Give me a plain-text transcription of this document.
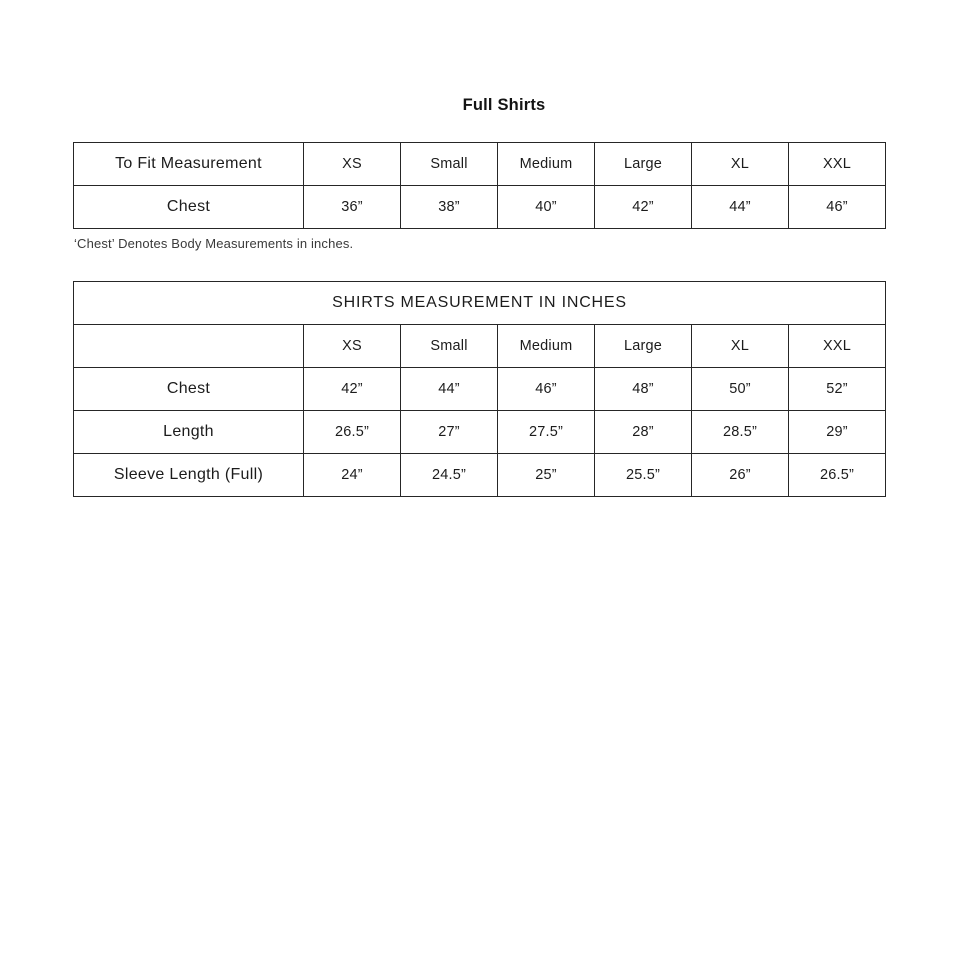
Full Shirts
To Fit Measurement	XS	Small	Medium	Large	XL	XXL
Chest	36”	38”	40”	42”	44”	46”

‘Chest’ Denotes Body Measurements in inches.

SHIRTS MEASUREMENT IN INCHES						
	XS	Small	Medium	Large	XL	XXL
Chest	42”	44”	46”	48”	50”	52”
Length	26.5”	27”	27.5”	28”	28.5”	29”
Sleeve Length (Full)	24”	24.5”	25”	25.5”	26”	26.5”
